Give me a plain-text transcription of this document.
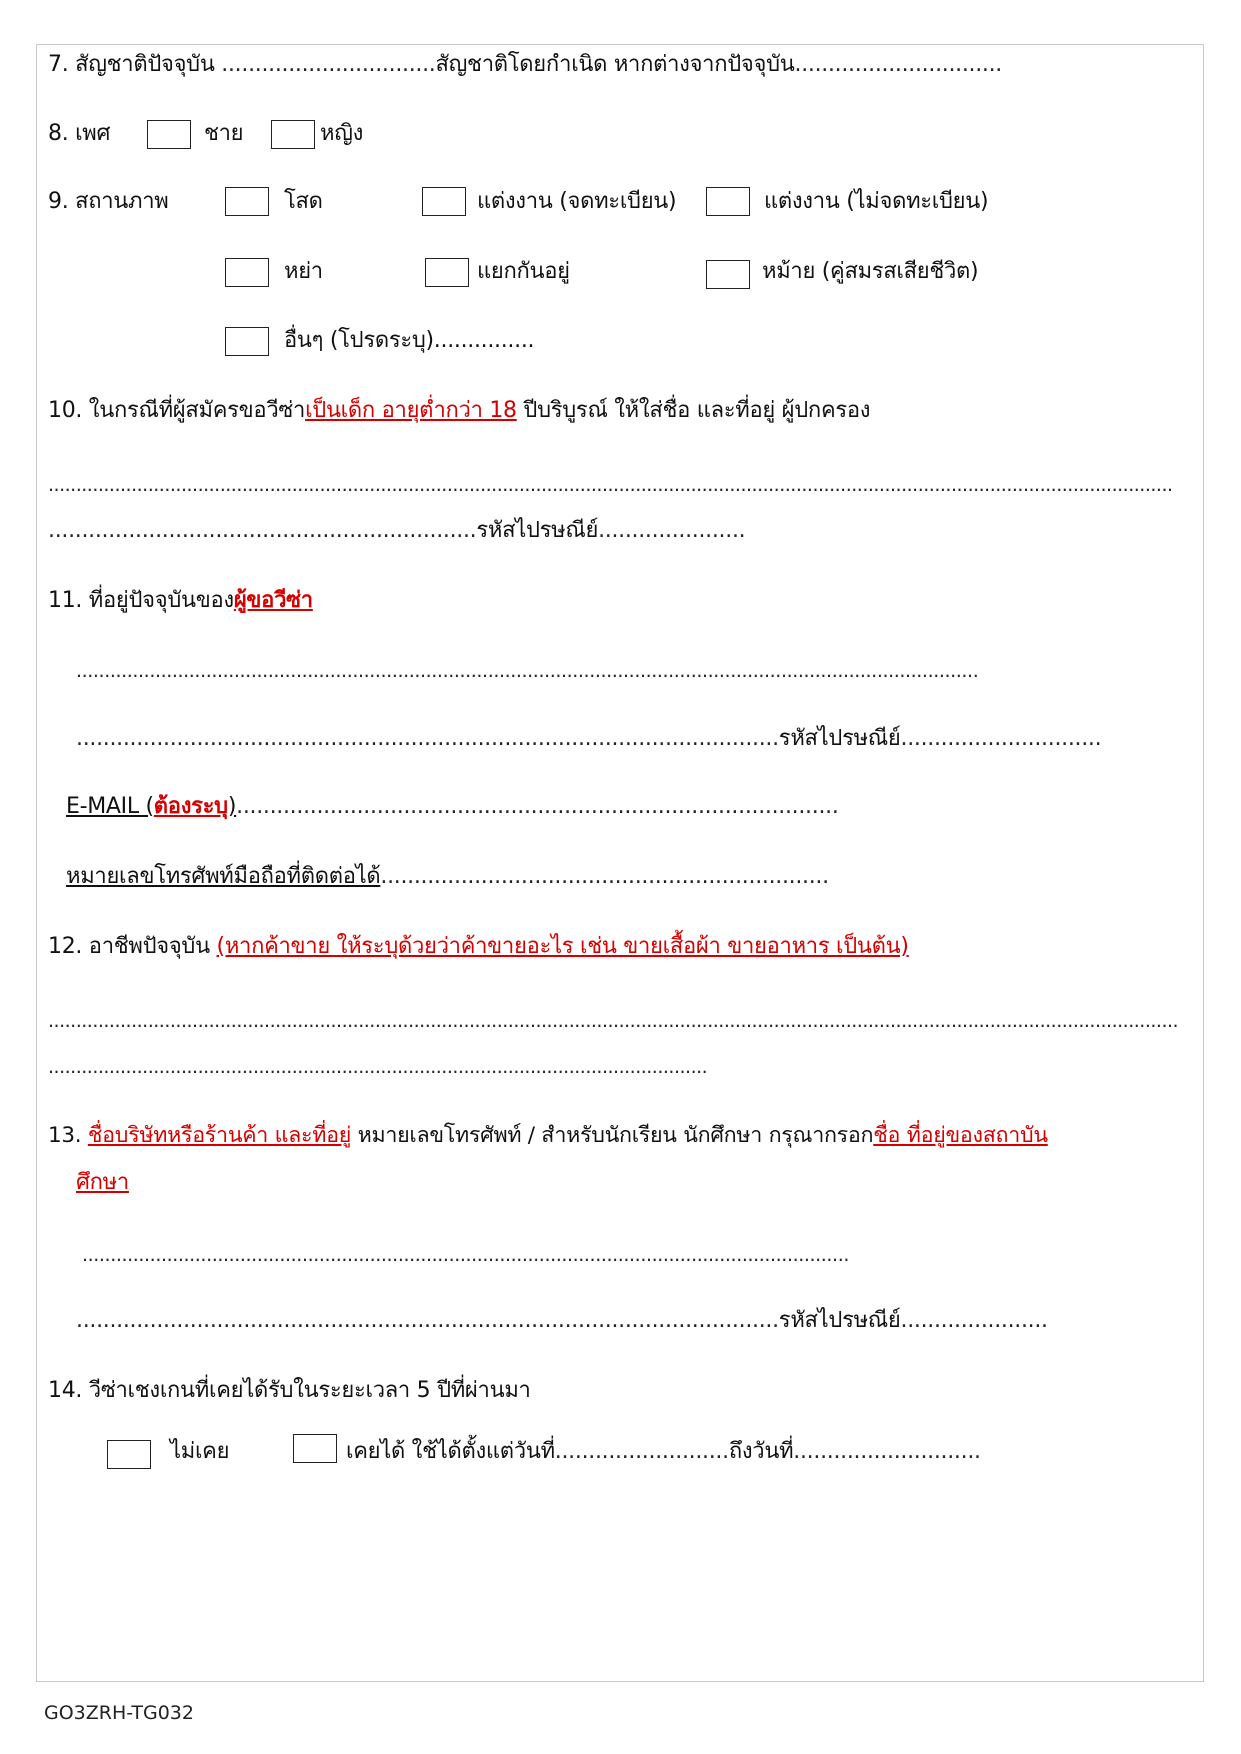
7. สัญชาติปัจจุบัน ................................สัญชาติโดยกำเนิด หากต่างจากปัจจุบัน...............................
8. เพศ	ชาย	หญิง
9. สถานภาพ	โสด	แต่งงาน (จดทะเบียน)	แต่งงาน (ไม่จดทะเบียน)
หย่า	แยกกันอยู่	หม้าย (คู่สมรสเสียชีวิต)
อื่นๆ (โปรดระบุ)...............
10. ในกรณีที่ผู้สมัครขอวีซ่าเป็นเด็ก อายุต่ำกว่า 18 ปีบริบูรณ์ ให้ใส่ชื่อ และที่อยู่ ผู้ปกครอง
...........................................................................................................................................................................................................
................................................................รหัสไปรษณีย์......................
11. ที่อยู่ปัจจุบันของผู้ขอวีซ่า
................................................................................................................................................................
.........................................................................................................รหัสไปรษณีย์..............................
E-MAIL (ต้องระบุ)..........................................................................................
หมายเลขโทรศัพท์มือถือที่ติดต่อได้...................................................................
12. อาชีพปัจจุบัน (หากค้าขาย ให้ระบุด้วยว่าค้าขายอะไร เช่น ขายเสื้อผ้า ขายอาหาร เป็นต้น)
............................................................................................................................................................................................................
.......................................................................................................................
13. ชื่อบริษัทหรือร้านค้า และที่อยู่ หมายเลขโทรศัพท์ / สำหรับนักเรียน นักศึกษา กรุณากรอกชื่อ ที่อยู่ของสถาบัน
ศึกษา
........................................................................................................................................
.........................................................................................................รหัสไปรษณีย์......................
14. วีซ่าเชงเกนที่เคยได้รับในระยะเวลา 5 ปีที่ผ่านมา
ไม่เคย	เคยได้ ใช้ได้ตั้งแต่วันที่..........................ถึงวันที่............................
GO3ZRH-TG032
